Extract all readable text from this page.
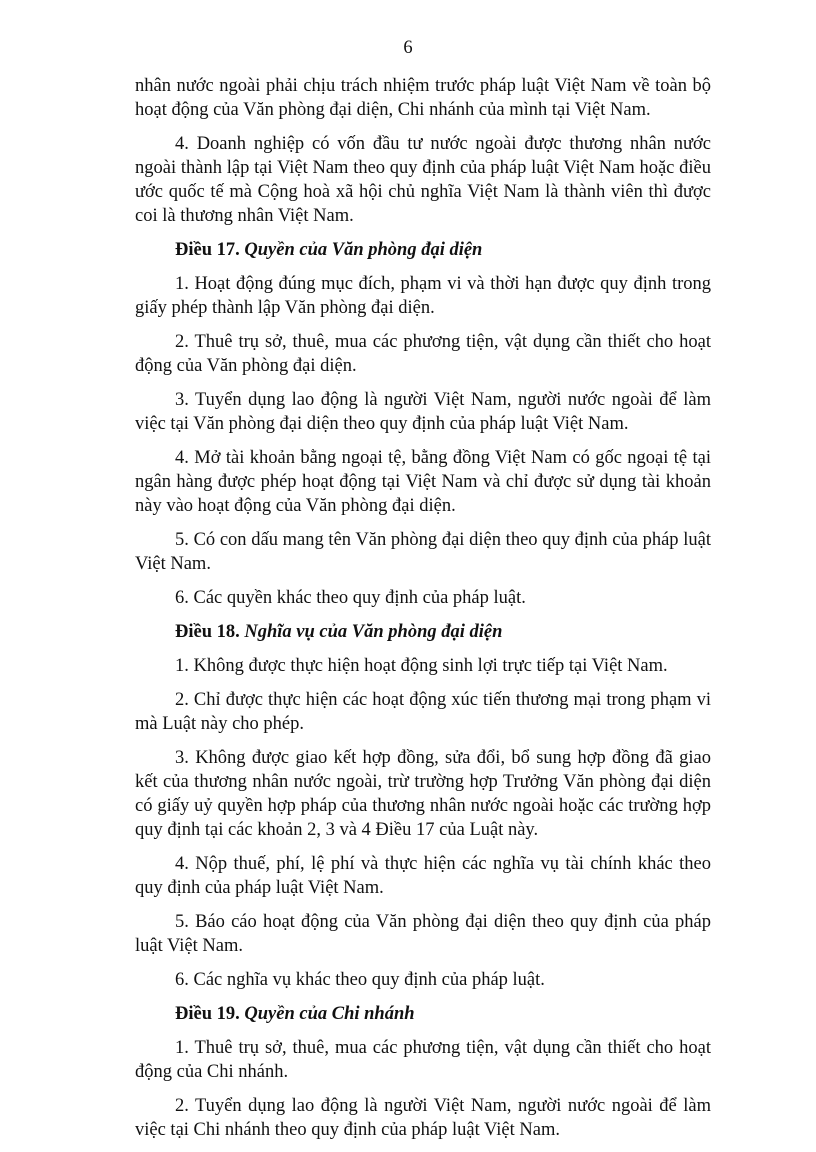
6

nhân nước ngoài phải chịu trách nhiệm trước pháp luật Việt Nam về toàn bộ hoạt động của Văn phòng đại diện, Chi nhánh của mình tại Việt Nam.

4. Doanh nghiệp có vốn đầu tư nước ngoài được thương nhân nước ngoài thành lập tại Việt Nam theo quy định của pháp luật Việt Nam hoặc điều ước quốc tế mà Cộng hoà xã hội chủ nghĩa Việt Nam là thành viên thì được coi là thương nhân Việt Nam.

Điều 17. Quyền của Văn phòng đại diện

1. Hoạt động đúng mục đích, phạm vi và thời hạn được quy định trong giấy phép thành lập Văn phòng đại diện.

2. Thuê trụ sở, thuê, mua các phương tiện, vật dụng cần thiết cho hoạt động của Văn phòng đại diện.

3. Tuyển dụng lao động là người Việt Nam, người nước ngoài để làm việc tại Văn phòng đại diện theo quy định của pháp luật Việt Nam.

4. Mở tài khoản bằng ngoại tệ, bằng đồng Việt Nam có gốc ngoại tệ tại ngân hàng được phép hoạt động tại Việt Nam và chỉ được sử dụng tài khoản này vào hoạt động của Văn phòng đại diện.

5. Có con dấu mang tên Văn phòng đại diện theo quy định của pháp luật Việt Nam.

6. Các quyền khác theo quy định của pháp luật.

Điều 18. Nghĩa vụ của Văn phòng đại diện

1. Không được thực hiện hoạt động sinh lợi trực tiếp tại Việt Nam.

2. Chỉ được thực hiện các hoạt động xúc tiến thương mại trong phạm vi mà Luật này cho phép.

3. Không được giao kết hợp đồng, sửa đổi, bổ sung hợp đồng đã giao kết của thương nhân nước ngoài, trừ trường hợp Trưởng Văn phòng đại diện có giấy uỷ quyền hợp pháp của thương nhân nước ngoài hoặc các trường hợp quy định tại các khoản 2, 3 và 4 Điều 17 của Luật này.

4. Nộp thuế, phí, lệ phí và thực hiện các nghĩa vụ tài chính khác theo quy định của pháp luật Việt Nam.

5. Báo cáo hoạt động của Văn phòng đại diện theo quy định của pháp luật Việt Nam.

6. Các nghĩa vụ khác theo quy định của pháp luật.

Điều 19. Quyền của Chi nhánh

1. Thuê trụ sở, thuê, mua các phương tiện, vật dụng cần thiết cho hoạt động của Chi nhánh.

2. Tuyển dụng lao động là người Việt Nam, người nước ngoài để làm việc tại Chi nhánh theo quy định của pháp luật Việt Nam.
